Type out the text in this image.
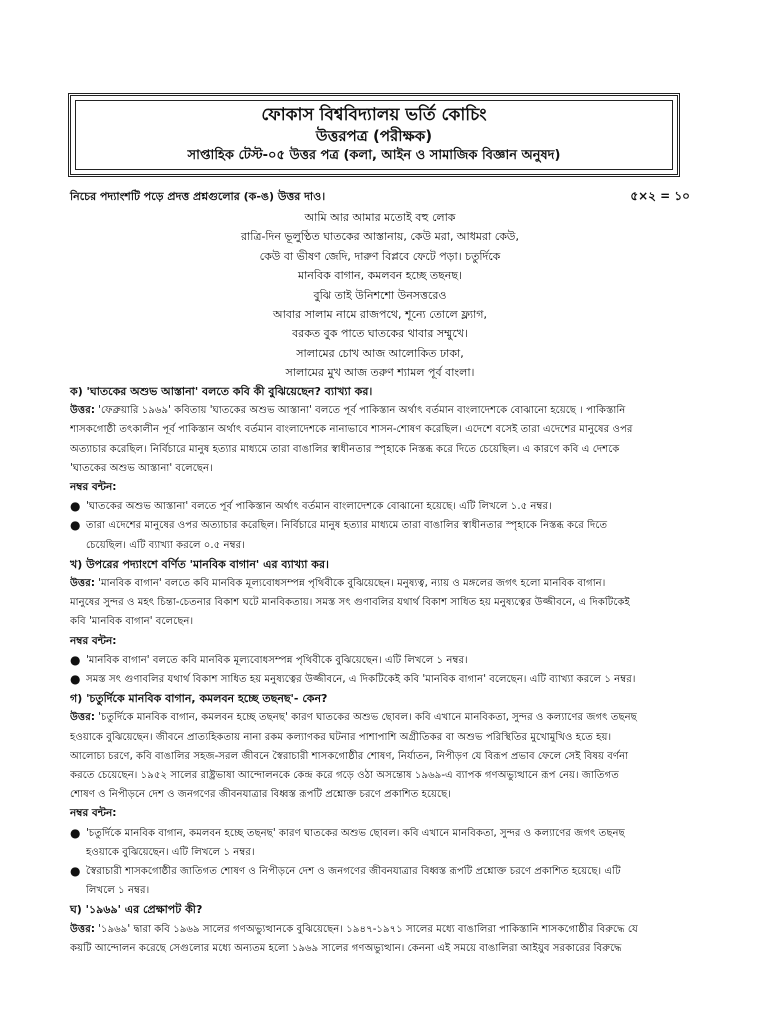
ফোকাস বিশ্ববিদ্যালয় ভর্তি কোচিং
উত্তরপত্র (পরীক্ষক)
সাপ্তাহিক টেস্ট-০৫ উত্তর পত্র (কলা, আইন ও সামাজিক বিজ্ঞান অনুষদ)
নিচের পদ্যাংশটি পড়ে প্রদত্ত প্রশ্নগুলোর (ক-ঙ) উত্তর দাও।	৫×২ = ১০
আমি আর আমার মতোই বহু লোক
রাত্রি-দিন ভূলুণ্ঠিত ঘাতকের আস্তানায়, কেউ মরা, আধমরা কেউ,
কেউ বা ভীষণ জেদি, দারুণ বিপ্লবে ফেটে পড়া। চতুর্দিকে
মানবিক বাগান, কমলবন হচ্ছে তছনছ।
বুঝি তাই উনিশশো উনসত্তরেও
আবার সালাম নামে রাজপথে, শূন্যে তোলে ফ্ল্যাগ,
বরকত বুক পাতে ঘাতকের থাবার সম্মুখে।
সালামের চোখ আজ আলোকিত ঢাকা,
সালামের মুখ আজ তরুণ শ্যামল পূর্ব বাংলা।
ক) 'ঘাতকের অশুভ আস্তানা' বলতে কবি কী বুঝিয়েছেন? ব্যাখ্যা কর।
উত্তর: 'ফেব্রুয়ারি ১৯৬৯' কবিতায় 'ঘাতকের অশুভ আস্তানা' বলতে পূর্ব পাকিস্তান অর্থাৎ বর্তমান বাংলাদেশকে বোঝানো হয়েছে । পাকিস্তানি
শাসকগোষ্ঠী তৎকালীন পূর্ব পাকিস্তান অর্থাৎ বর্তমান বাংলাদেশকে নানাভাবে শাসন-শোষণ করেছিল। এদেশে বসেই তারা এদেশের মানুষের ওপর
অত্যাচার করেছিল। নির্বিচারে মানুষ হত্যার মাধ্যমে তারা বাঙালির স্বাধীনতার স্পৃহাকে নিস্তব্ধ করে দিতে চেয়েছিল। এ কারণে কবি এ দেশকে
'ঘাতকের অশুভ আস্তানা' বলেছেন।
নম্বর বন্টন:
● 'ঘাতকের অশুভ আস্তানা' বলতে পূর্ব পাকিস্তান অর্থাৎ বর্তমান বাংলাদেশকে বোঝানো হয়েছে। এটি লিখলে ১.৫ নম্বর।
● তারা এদেশের মানুষের ওপর অত্যাচার করেছিল। নির্বিচারে মানুষ হত্যার মাধ্যমে তারা বাঙালির স্বাধীনতার স্পৃহাকে নিস্তব্ধ করে দিতে
চেয়েছিল। এটি ব্যাখ্যা করলে ০.৫ নম্বর।
খ) উপরের পদ্যাংশে বর্ণিত 'মানবিক বাগান' এর ব্যাখ্যা কর।
উত্তর: 'মানবিক বাগান' বলতে কবি মানবিক মূল্যবোধসম্পন্ন পৃথিবীকে বুঝিয়েছেন। মনুষ্যত্ব, ন্যায় ও মঙ্গলের জগৎ হলো মানবিক বাগান।
মানুষের সুন্দর ও মহৎ চিন্তা-চেতনার বিকাশ ঘটে মানবিকতায়। সমস্ত সৎ গুণাবলির যথার্থ বিকাশ সাধিত হয় মনুষ্যত্বের উজ্জীবনে, এ দিকটিকেই
কবি 'মানবিক বাগান' বলেছেন।
নম্বর বন্টন:
● 'মানবিক বাগান' বলতে কবি মানবিক মূল্যবোধসম্পন্ন পৃথিবীকে বুঝিয়েছেন। এটি লিখলে ১ নম্বর।
● সমস্ত সৎ গুণাবলির যথার্থ বিকাশ সাধিত হয় মনুষ্যত্বের উজ্জীবনে, এ দিকটিকেই কবি 'মানবিক বাগান' বলেছেন। এটি ব্যাখ্যা করলে ১ নম্বর।
গ) 'চতুর্দিকে মানবিক বাগান, কমলবন হচ্ছে তছনছ'- কেন?
উত্তর: 'চতুর্দিকে মানবিক বাগান, কমলবন হচ্ছে তছনছ' কারণ ঘাতকের অশুভ ছোবল। কবি এখানে মানবিকতা, সুন্দর ও কল্যাণের জগৎ তছনছ
হওয়াকে বুঝিয়েছেন। জীবনে প্রাত্যহিকতায় নানা রকম কল্যাণকর ঘটনার পাশাপাশি অগ্রীতিকর বা অশুভ পরিস্থিতির মুখোমুখিও হতে হয়।
আলোচ্য চরণে, কবি বাঙালির সহজ-সরল জীবনে স্বৈরাচারী শাসকগোষ্ঠীর শোষণ, নির্যাতন, নিপীড়ণ যে বিরূপ প্রভাব ফেলে সেই বিষয় বর্ণনা
করতে চেয়েছেন। ১৯৫২ সালের রাষ্ট্রভাষা আন্দোলনকে কেন্দ্র করে গড়ে ওঠা অসন্তোষ ১৯৬৯-এ ব্যাপক গণঅভ্যুত্থানে রূপ নেয়। জাতিগত
শোষণ ও নিপীড়নে দেশ ও জনগণের জীবনযাত্রার বিধ্বস্ত রূপটি প্রশ্নোক্ত চরণে প্রকাশিত হয়েছে।
নম্বর বন্টন:
● 'চতুর্দিকে মানবিক বাগান, কমলবন হচ্ছে তছনছ' কারণ ঘাতকের অশুভ ছোবল। কবি এখানে মানবিকতা, সুন্দর ও কল্যাণের জগৎ তছনছ
হওয়াকে বুঝিয়েছেন। এটি লিখলে ১ নম্বর।
● স্বৈরাচারী শাসকগোষ্ঠীর জাতিগত শোষণ ও নিপীড়নে দেশ ও জনগণের জীবনযাত্রার বিধ্বস্ত রূপটি প্রশ্নোক্ত চরণে প্রকাশিত হয়েছে। এটি
লিখলে ১ নম্বর।
ঘ) '১৯৬৯' এর প্রেক্ষাপট কী?
উত্তর: '১৯৬৯' দ্বারা কবি ১৯৬৯ সালের গণঅভ্যুত্থানকে বুঝিয়েছেন। ১৯৪৭-১৯৭১ সালের মধ্যে বাঙালিরা পাকিস্তানি শাসকগোষ্ঠীর বিরুদ্ধে যে
কয়টি আন্দোলন করেছে সেগুলোর মধ্যে অন্যতম হলো ১৯৬৯ সালের গণঅভ্যুত্থান। কেননা এই সময়ে বাঙালিরা আইয়ুব সরকারের বিরুদ্ধে
